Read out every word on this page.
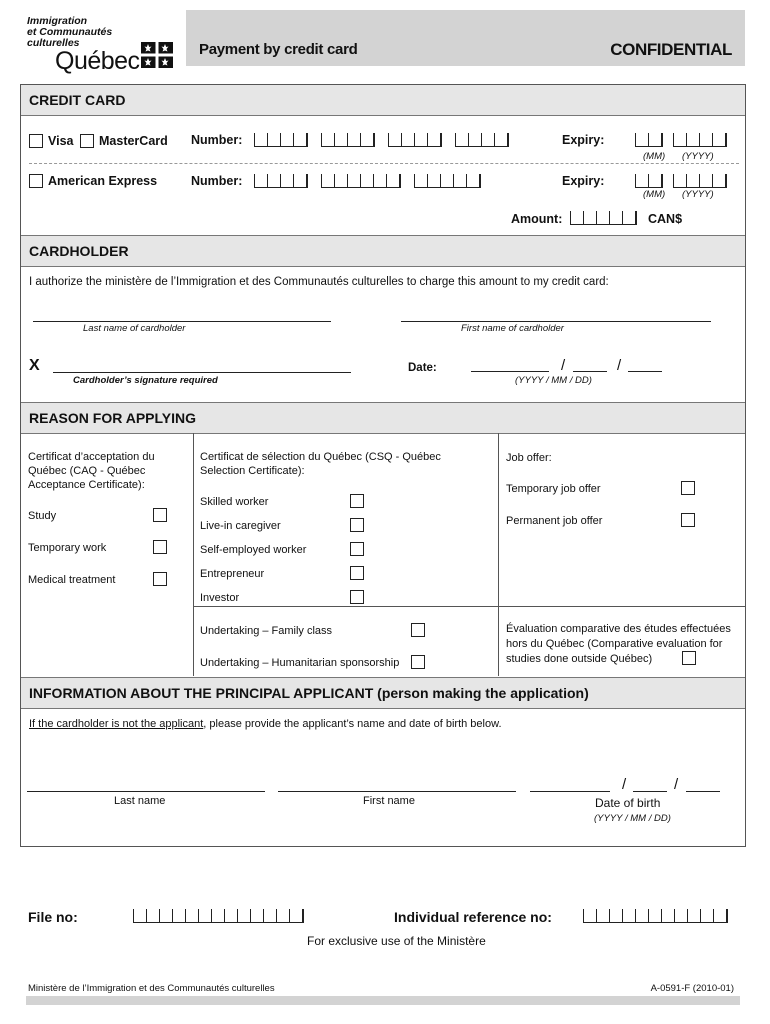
Immigration
et Communautés
culturelles
Québec	Payment by credit card	CONFIDENTIAL
CREDIT CARD
Visa MasterCard Number:	Expiry:
(MM) (YYYY)
American Express	Number:	Expiry:
(MM) (YYYY)
Amount:	CAN$
CARDHOLDER
I authorize the ministère de l’Immigration et des Communautés culturelles to charge this amount to my credit card:
Last name of cardholder	First name of cardholder
X
Cardholder’s signature required
Date:	/	/
(YYYY / MM / DD)
REASON FOR APPLYING
Certificat d’acceptation du Québec (CAQ - Québec Acceptance Certificate):
Study
Temporary work
Medical treatment
Certificat de sélection du Québec (CSQ - Québec Selection Certificate):
Skilled worker
Live-in caregiver
Self-employed worker
Entrepreneur
Investor
Job offer:
Temporary job offer
Permanent job offer
Undertaking – Family class
Undertaking – Humanitarian sponsorship
Évaluation comparative des études effectuées hors du Québec (Comparative evaluation for studies done outside Québec)
INFORMATION ABOUT THE PRINCIPAL APPLICANT (person making the application)
If the cardholder is not the applicant, please provide the applicant’s name and date of birth below.
Last name	First name
/	/
Date of birth
(YYYY / MM / DD)
File no:	Individual reference no:
For exclusive use of the Ministère
Ministère de l’Immigration et des Communautés culturelles	A-0591-F (2010-01)
